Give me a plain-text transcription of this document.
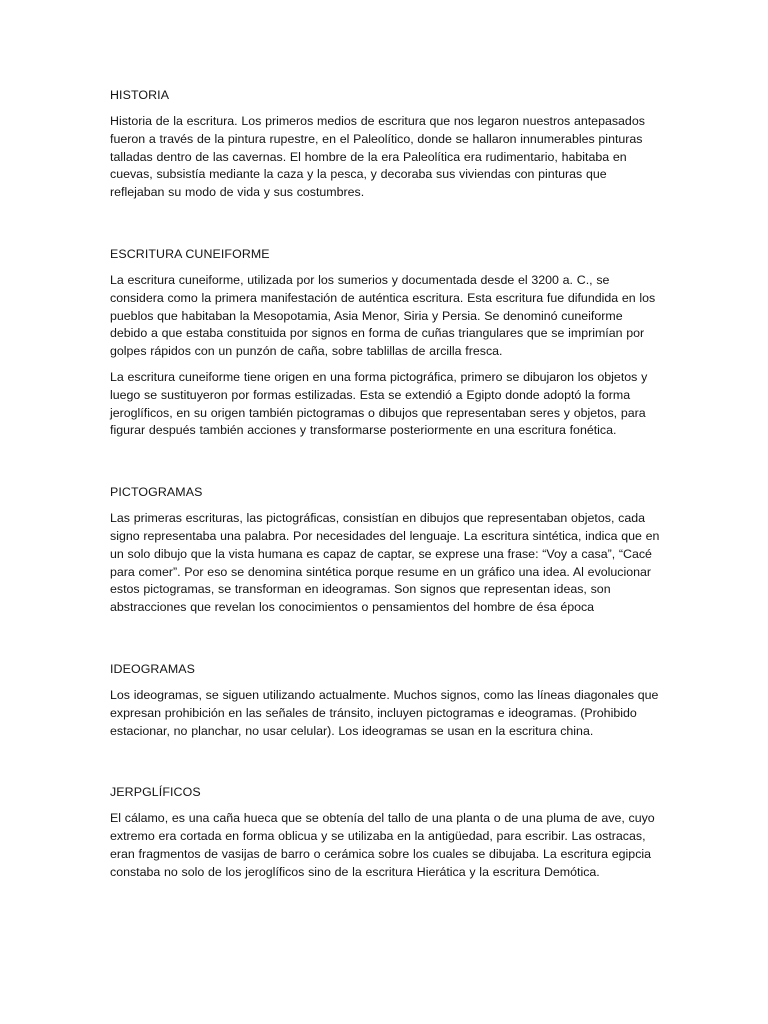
HISTORIA

Historia de la escritura. Los primeros medios de escritura que nos legaron nuestros antepasados fueron a través de la pintura rupestre, en el Paleolítico, donde se hallaron innumerables pinturas talladas dentro de las cavernas. El hombre de la era Paleolítica era rudimentario, habitaba en cuevas, subsistía mediante la caza y la pesca, y decoraba sus viviendas con pinturas que reflejaban su modo de vida y sus costumbres.

ESCRITURA CUNEIFORME

La escritura cuneiforme, utilizada por los sumerios y documentada desde el 3200 a. C., se considera como la primera manifestación de auténtica escritura. Esta escritura fue difundida en los pueblos que habitaban la Mesopotamia, Asia Menor, Siria y Persia. Se denominó cuneiforme debido a que estaba constituida por signos en forma de cuñas triangulares que se imprimían por golpes rápidos con un punzón de caña, sobre tablillas de arcilla fresca.

La escritura cuneiforme tiene origen en una forma pictográfica, primero se dibujaron los objetos y luego se sustituyeron por formas estilizadas. Esta se extendió a Egipto donde adoptó la forma jeroglíficos, en su origen también pictogramas o dibujos que representaban seres y objetos, para figurar después también acciones y transformarse posteriormente en una escritura fonética.

PICTOGRAMAS

Las primeras escrituras, las pictográficas, consistían en dibujos que representaban objetos, cada signo representaba una palabra. Por necesidades del lenguaje. La escritura sintética, indica que en un solo dibujo que la vista humana es capaz de captar, se exprese una frase: “Voy a casa”, “Cacé para comer”. Por eso se denomina sintética porque resume en un gráfico una idea. Al evolucionar estos pictogramas, se transforman en ideogramas. Son signos que representan ideas, son abstracciones que revelan los conocimientos o pensamientos del hombre de ésa época

IDEOGRAMAS

Los ideogramas, se siguen utilizando actualmente. Muchos signos, como las líneas diagonales que expresan prohibición en las señales de tránsito, incluyen pictogramas e ideogramas. (Prohibido estacionar, no planchar, no usar celular). Los ideogramas se usan en la escritura china.

JERPGLÍFICOS

El cálamo, es una caña hueca que se obtenía del tallo de una planta o de una pluma de ave, cuyo extremo era cortada en forma oblicua y se utilizaba en la antigüedad, para escribir. Las ostracas, eran fragmentos de vasijas de barro o cerámica sobre los cuales se dibujaba. La escritura egipcia constaba no solo de los jeroglíficos sino de la escritura Hierática y la escritura Demótica.
